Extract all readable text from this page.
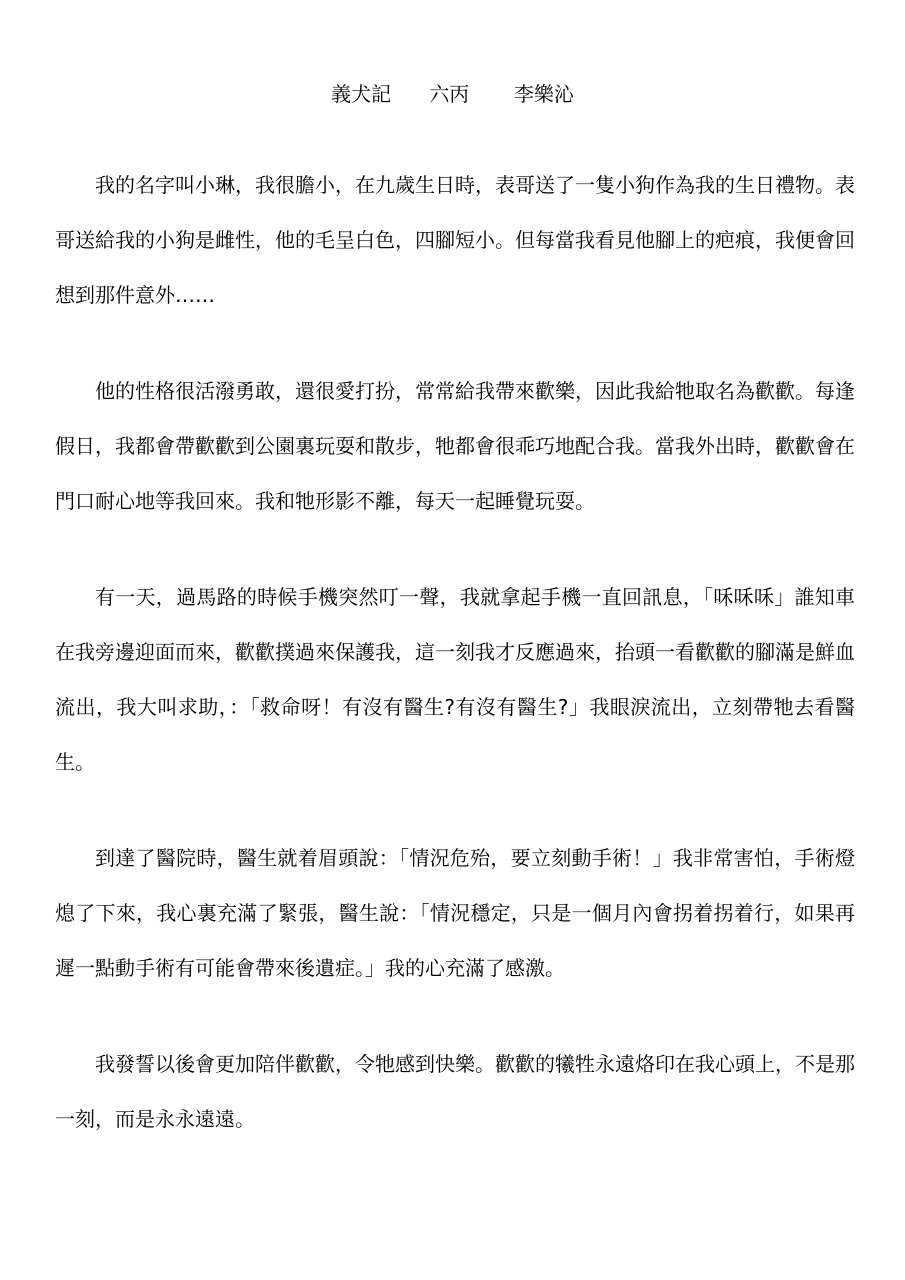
義犬記 六丙 李樂沁

我的名字叫小琳，我很膽小，在九歲生日時，表哥送了一隻小狗作為我的生日禮物。表哥送給我的小狗是雌性，他的毛呈白色，四腳短小。但每當我看見他腳上的疤痕，我便會回想到那件意外……

他的性格很活潑勇敢，還很愛打扮，常常給我帶來歡樂，因此我給牠取名為歡歡。每逢假日，我都會帶歡歡到公園裏玩耍和散步，牠都會很乖巧地配合我。當我外出時，歡歡會在門口耐心地等我回來。我和牠形影不離，每天一起睡覺玩耍。

有一天，過馬路的時候手機突然叮一聲，我就拿起手機一直回訊息，「咊咊咊」誰知車在我旁邊迎面而來，歡歡撲過來保護我，這一刻我才反應過來，抬頭一看歡歡的腳滿是鮮血流出，我大叫求助，：「救命呀！有沒有醫生?有沒有醫生?」我眼淚流出，立刻帶牠去看醫生。

到達了醫院時，醫生就着眉頭說：「情況危殆，要立刻動手術！」我非常害怕，手術燈熄了下來，我心裏充滿了緊張，醫生說：「情況穩定，只是一個月內會拐着拐着行，如果再遲一點動手術有可能會帶來後遺症。」我的心充滿了感激。

我發誓以後會更加陪伴歡歡，令牠感到快樂。歡歡的犧牲永遠烙印在我心頭上，不是那一刻，而是永永遠遠。
